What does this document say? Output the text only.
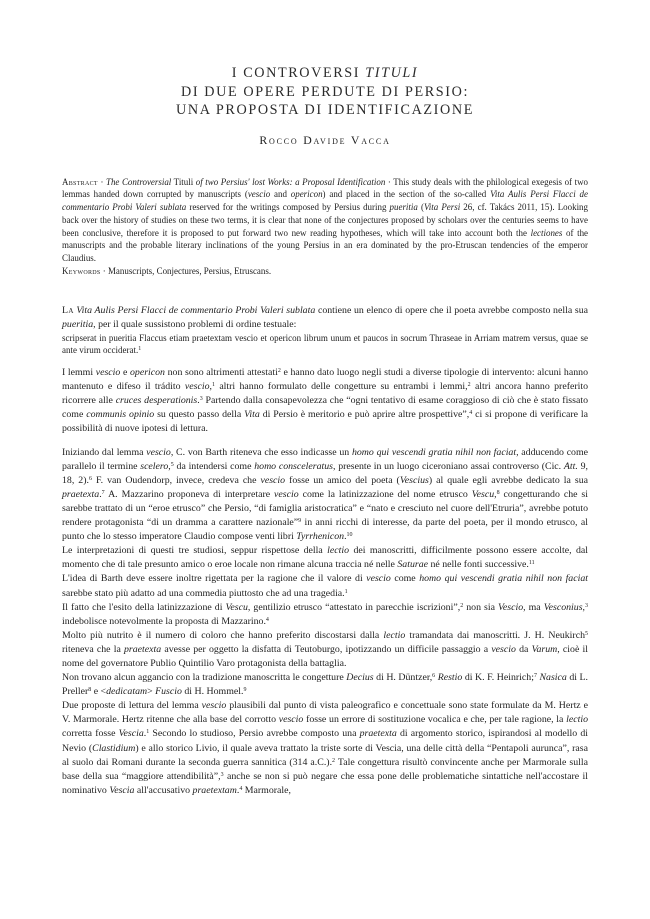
I CONTROVERSI TITULI
DI DUE OPERE PERDUTE DI PERSIO:
UNA PROPOSTA DI IDENTIFICAZIONE
Rocco Davide Vacca

Abstract · The Controversial Tituli of two Persius' lost Works: a Proposal Identification · This study deals with the philological exegesis of two lemmas handed down corrupted by manuscripts (vescio and opericon) and placed in the section of the so-called Vita Aulis Persi Flacci de commentario Probi Valeri sublata reserved for the writings composed by Persius during pueritia (Vita Persi 26, cf. Takács 2011, 15). Looking back over the history of studies on these two terms, it is clear that none of the conjectures proposed by scholars over the centuries seems to have been conclusive, therefore it is proposed to put forward two new reading hypotheses, which will take into account both the lectiones of the manuscripts and the probable literary inclinations of the young Persius in an era dominated by the pro-Etruscan tendencies of the emperor Claudius.

Keywords · Manuscripts, Conjectures, Persius, Etruscans.

La Vita Aulis Persi Flacci de commentario Probi Valeri sublata contiene un elenco di opere che il poeta avrebbe composto nella sua pueritia, per il quale sussistono problemi di ordine testuale:

scripserat in pueritia Flaccus etiam praetextam vescio et opericon librum unum et paucos in socrum Thraseae in Arriam matrem versus, quae se ante virum occiderat.$^1$

I lemmi vescio e opericon non sono altrimenti attestati$^2$ e hanno dato luogo negli studi a diverse tipologie di intervento: alcuni hanno mantenuto e difeso il trádito vescio,$^1$ altri hanno formulato delle congetture su entrambi i lemmi,$^2$ altri ancora hanno preferito ricorrere alle cruces desperationis.$^3$ Partendo dalla consapevolezza che “ogni tentativo di esame coraggioso di ciò che è stato fissato come communis opinio su questo passo della Vita di Persio è meritorio e può aprire altre prospettive”,$^4$ ci si propone di verificare la possibilità di nuove ipotesi di lettura.

Iniziando dal lemma vescio, C. von Barth riteneva che esso indicasse un homo qui vescendi gratia nihil non faciat, adducendo come parallelo il termine scelero,$^5$ da intendersi come homo consceleratus, presente in un luogo ciceroniano assai controverso (Cic. Att. 9, 18, 2).$^6$ F. van Oudendorp, invece, credeva che vescio fosse un amico del poeta (Vescius) al quale egli avrebbe dedicato la sua praetexta.$^7$ A. Mazzarino proponeva di interpretare vescio come la latinizzazione del nome etrusco Vescu,$^8$ congetturando che si sarebbe trattato di un “eroe etrusco” che Persio, “di famiglia aristocratica” e “nato e cresciuto nel cuore dell'Etruria”, avrebbe potuto rendere protagonista “di un dramma a carattere nazionale”$^9$ in anni ricchi di interesse, da parte del poeta, per il mondo etrusco, al punto che lo stesso imperatore Claudio compose venti libri Tyrrhenicon.$^{10}$

Le interpretazioni di questi tre studiosi, seppur rispettose della lectio dei manoscritti, difficilmente possono essere accolte, dal momento che di tale presunto amico o eroe locale non rimane alcuna traccia né nelle Saturae né nelle fonti successive.$^{11}$

L'idea di Barth deve essere inoltre rigettata per la ragione che il valore di vescio come homo qui vescendi gratia nihil non faciat sarebbe stato più adatto ad una commedia piuttosto che ad una tragedia.$^1$

Il fatto che l'esito della latinizzazione di Vescu, gentilizio etrusco “attestato in parecchie iscrizioni”,$^2$ non sia Vescio, ma Vesconius,$^3$ indebolisce notevolmente la proposta di Mazzarino.$^4$

Molto più nutrito è il numero di coloro che hanno preferito discostarsi dalla lectio tramandata dai manoscritti. J. H. Neukirch$^5$ riteneva che la praetexta avesse per oggetto la disfatta di Teutoburgo, ipotizzando un difficile passaggio a vescio da Varum, cioè il nome del governatore Publio Quintilio Varo protagonista della battaglia.

Non trovano alcun aggancio con la tradizione manoscritta le congetture Decius di H. Düntzer,$^6$ Restio di K. F. Heinrich;$^7$ Nasica di L. Preller$^8$ e <dedicatam> Fuscio di H. Hommel.$^9$

Due proposte di lettura del lemma vescio plausibili dal punto di vista paleografico e concettuale sono state formulate da M. Hertz e V. Marmorale. Hertz ritenne che alla base del corrotto vescio fosse un errore di sostituzione vocalica e che, per tale ragione, la lectio corretta fosse Vescia.$^1$ Secondo lo studioso, Persio avrebbe composto una praetexta di argomento storico, ispirandosi al modello di Nevio (Clastidium) e allo storico Livio, il quale aveva trattato la triste sorte di Vescia, una delle città della “Pentapoli aurunca”, rasa al suolo dai Romani durante la seconda guerra sannitica (314 a.C.).$^2$ Tale congettura risultò convincente anche per Marmorale sulla base della sua “maggiore attendibilità”,$^3$ anche se non si può negare che essa pone delle problematiche sintattiche nell'accostare il nominativo Vescia all'accusativo praetextam.$^4$ Marmorale,
